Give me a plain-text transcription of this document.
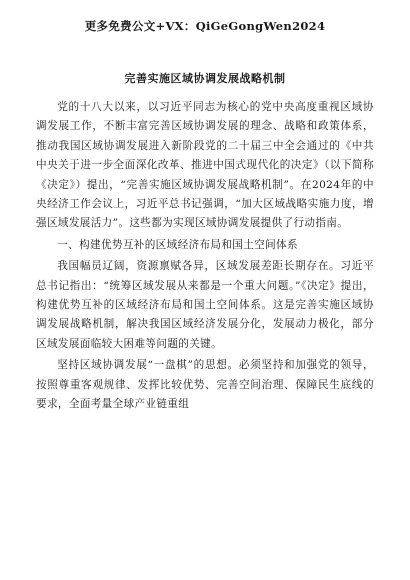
更多免费公文+VX：QiGeGongWen2024
完善实施区域协调发展战略机制

党的十八大以来，以习近平同志为核心的党中央高度重视区域协调发展工作，不断丰富完善区域协调发展的理念、战略和政策体系，推动我国区域协调发展进入新阶段党的二十届三中全会通过的《中共中央关于进一步全面深化改革、推进中国式现代化的决定》（以下简称《决定》）提出，“完善实施区域协调发展战略机制”。在2024年的中央经济工作会议上，习近平总书记强调，“加大区域战略实施力度，增强区域发展活力”。这些都为实现区域协调发展提供了行动指南。

一、构建优势互补的区域经济布局和国土空间体系

我国幅员辽阔，资源禀赋各异，区域发展差距长期存在。习近平总书记指出：“统筹区域发展从来都是一个重大问题。”《决定》提出，构建优势互补的区域经济布局和国土空间体系。这是完善实施区域协调发展战略机制，解决我国区域经济发展分化，发展动力极化，部分区域发展面临较大困难等问题的关键。

坚持区域协调发展“一盘棋”的思想。必须坚持和加强党的领导，按照尊重客观规律、发挥比较优势、完善空间治理、保障民生底线的要求，全面考量全球产业链重组
